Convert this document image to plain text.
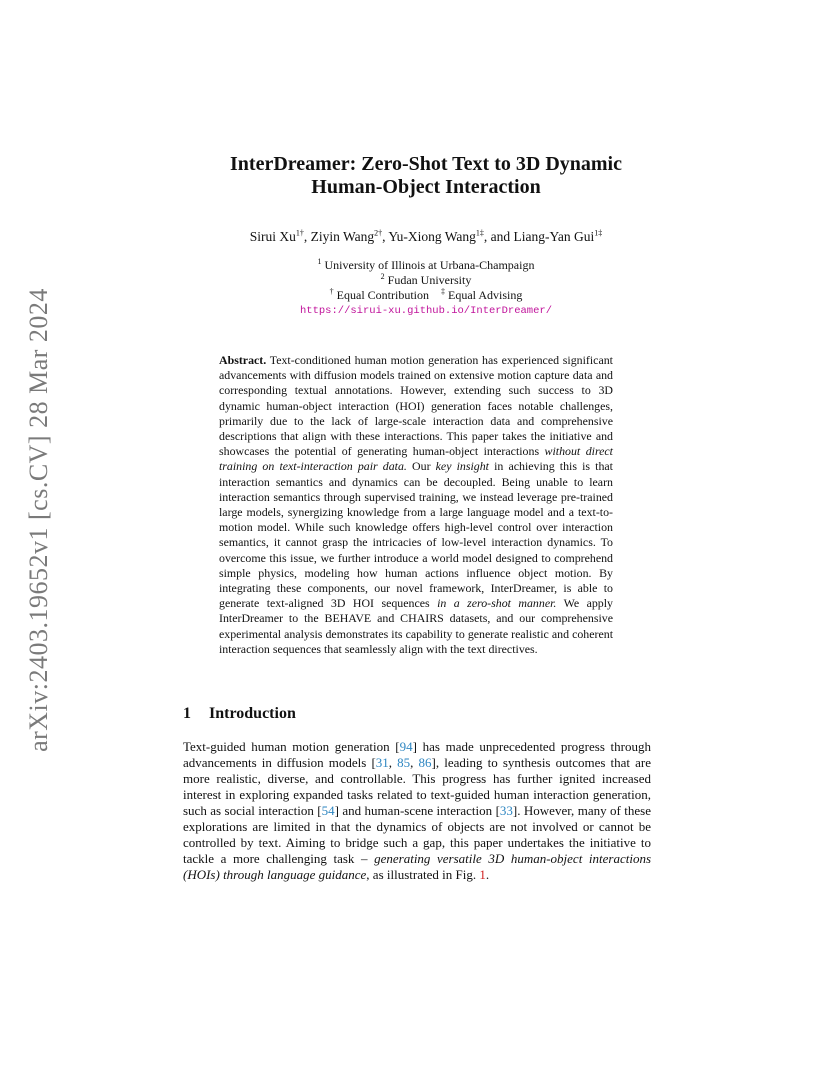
arXiv:2403.19652v1 [cs.CV] 28 Mar 2024
InterDreamer: Zero-Shot Text to 3D Dynamic
Human-Object Interaction
Sirui $Xu^{1\dagger}$, Ziyin Wang$^{2\dagger}$, Yu-Xiong Wang$^{1\ddagger}$, and Liang-Yan Gui$^{1\ddagger}$
$^1$ University of Illinois at Urbana-Champaign
$^2$ Fudan University
† Equal Contribution ‡ Equal Advising
https://sirui-xu.github.io/InterDreamer/

Abstract. Text-conditioned human motion generation has experienced significant advancements with diffusion models trained on extensive motion capture data and corresponding textual annotations. However, extending such success to 3D dynamic human-object interaction (HOI) generation faces notable challenges, primarily due to the lack of large-scale interaction data and comprehensive descriptions that align with these interactions. This paper takes the initiative and showcases the potential of generating human-object interactions without direct training on text-interaction pair data. Our key insight in achieving this is that interaction semantics and dynamics can be decoupled. Being unable to learn interaction semantics through supervised training, we instead leverage pre-trained large models, synergizing knowledge from a large language model and a text-to-motion model. While such knowledge offers high-level control over interaction semantics, it cannot grasp the intricacies of low-level interaction dynamics. To overcome this issue, we further introduce a world model designed to comprehend simple physics, modeling how human actions influence object motion. By integrating these components, our novel framework, InterDreamer, is able to generate text-aligned 3D HOI sequences in a zero-shot manner. We apply InterDreamer to the BEHAVE and CHAIRS datasets, and our comprehensive experimental analysis demonstrates its capability to generate realistic and coherent interaction sequences that seamlessly align with the text directives.

1 Introduction

Text-guided human motion generation [94] has made unprecedented progress through advancements in diffusion models [31, 85, 86], leading to synthesis outcomes that are more realistic, diverse, and controllable. This progress has further ignited increased interest in exploring expanded tasks related to text-guided human interaction generation, such as social interaction [54] and human-scene interaction [33]. However, many of these explorations are limited in that the dynamics of objects are not involved or cannot be controlled by text. Aiming to bridge such a gap, this paper undertakes the initiative to tackle a more challenging task – generating versatile 3D human-object interactions (HOIs) through language guidance, as illustrated in Fig. 1.
